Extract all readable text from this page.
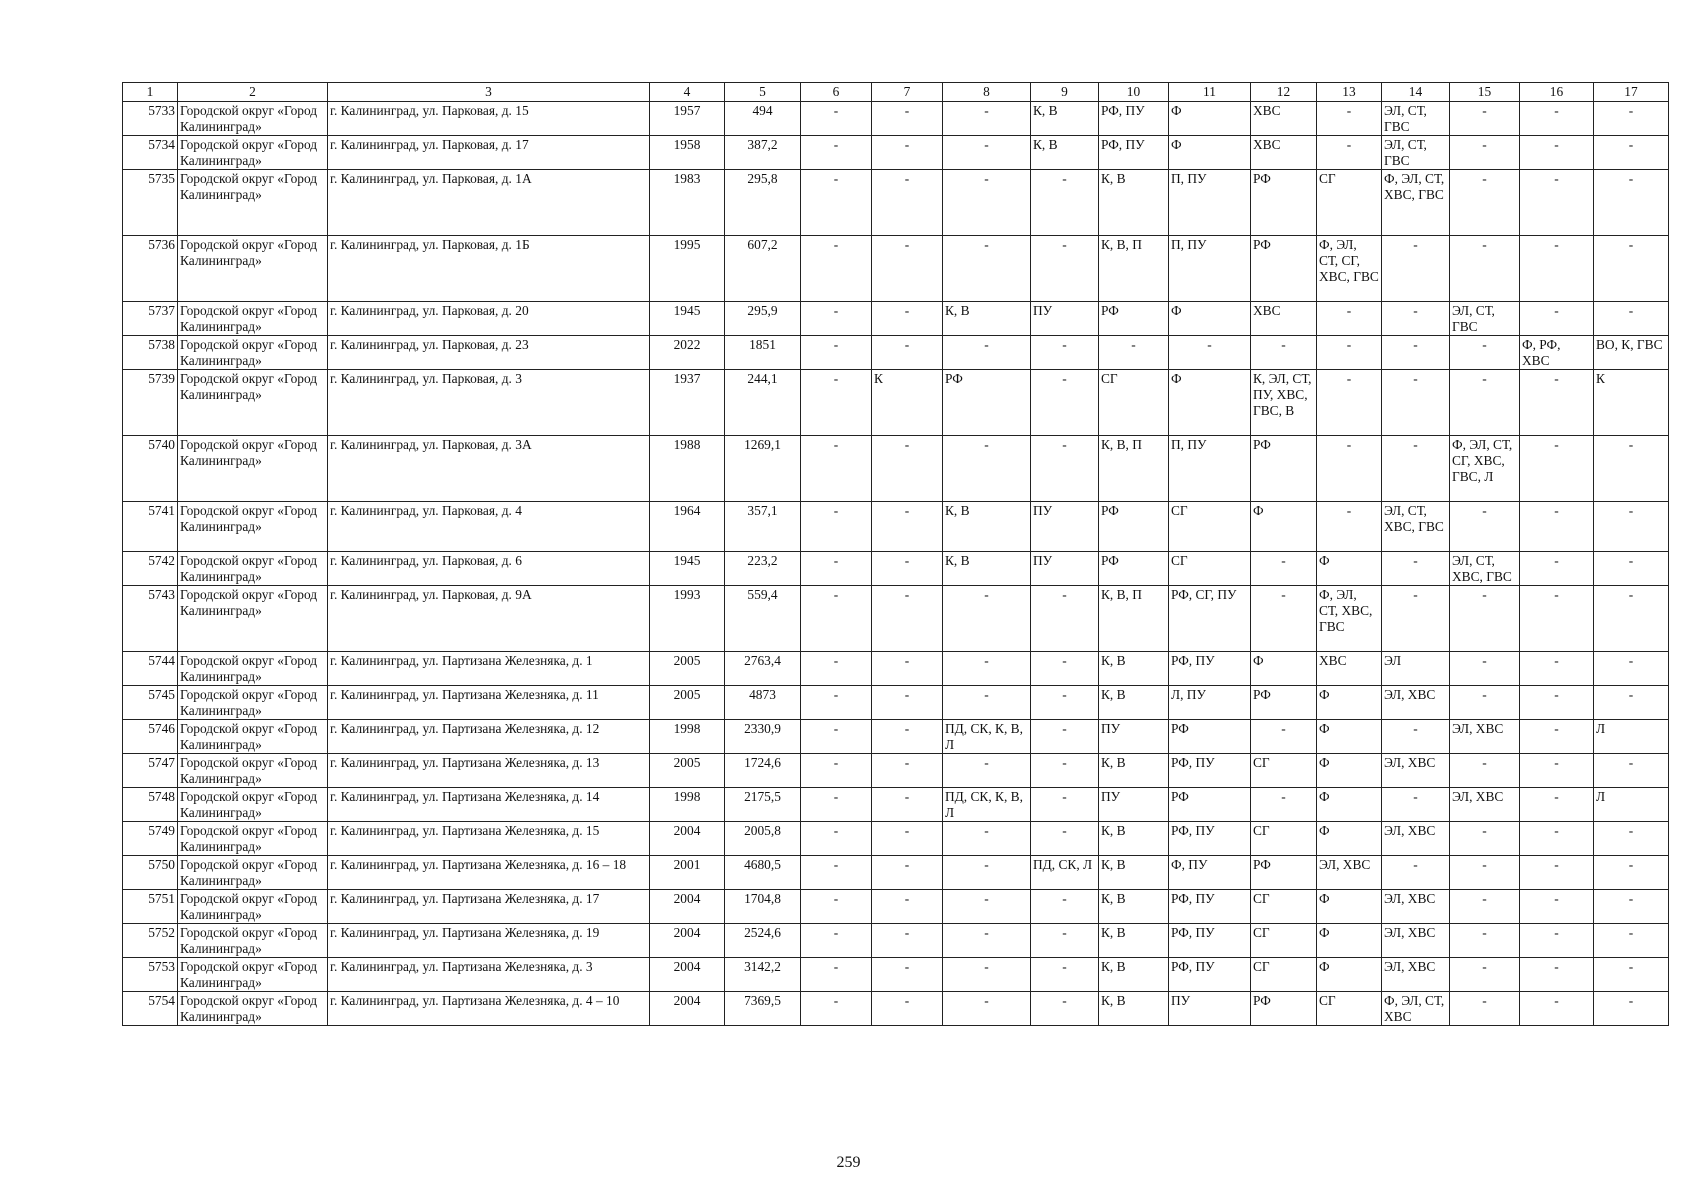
1	2	3	4	5	6	7	8	9	10	11	12	13	14	15	16	17
5733	Городской округ «Город Калининград»	г. Калининград, ул. Парковая, д. 15	1957	494	-	-	-	К, В	РФ, ПУ	Ф	ХВС	-	ЭЛ, СТ, ГВС	-	-	-
5734	Городской округ «Город Калининград»	г. Калининград, ул. Парковая, д. 17	1958	387,2	-	-	-	К, В	РФ, ПУ	Ф	ХВС	-	ЭЛ, СТ, ГВС	-	-	-
5735	Городской округ «Город Калининград»	г. Калининград, ул. Парковая, д. 1А	1983	295,8	-	-	-	-	К, В	П, ПУ	РФ	СГ	Ф, ЭЛ, СТ, ХВС, ГВС	-	-	-
5736	Городской округ «Город Калининград»	г. Калининград, ул. Парковая, д. 1Б	1995	607,2	-	-	-	-	К, В, П	П, ПУ	РФ	Ф, ЭЛ, СТ, СГ, ХВС, ГВС	-	-	-	-
5737	Городской округ «Город Калининград»	г. Калининград, ул. Парковая, д. 20	1945	295,9	-	-	К, В	ПУ	РФ	Ф	ХВС	-	-	ЭЛ, СТ, ГВС	-	-
5738	Городской округ «Город Калининград»	г. Калининград, ул. Парковая, д. 23	2022	1851	-	-	-	-	-	-	-	-	-	-	Ф, РФ, ХВС	ВО, К, ГВС
5739	Городской округ «Город Калининград»	г. Калининград, ул. Парковая, д. 3	1937	244,1	-	К	РФ	-	СГ	Ф	К, ЭЛ, СТ, ПУ, ХВС, ГВС, В	-	-	-	-	К
5740	Городской округ «Город Калининград»	г. Калининград, ул. Парковая, д. 3А	1988	1269,1	-	-	-	-	К, В, П	П, ПУ	РФ	-	-	Ф, ЭЛ, СТ, СГ, ХВС, ГВС, Л	-	-
5741	Городской округ «Город Калининград»	г. Калининград, ул. Парковая, д. 4	1964	357,1	-	-	К, В	ПУ	РФ	СГ	Ф	-	ЭЛ, СТ, ХВС, ГВС	-	-	-
5742	Городской округ «Город Калининград»	г. Калининград, ул. Парковая, д. 6	1945	223,2	-	-	К, В	ПУ	РФ	СГ	-	Ф	-	ЭЛ, СТ, ХВС, ГВС	-	-
5743	Городской округ «Город Калининград»	г. Калининград, ул. Парковая, д. 9А	1993	559,4	-	-	-	-	К, В, П	РФ, СГ, ПУ	-	Ф, ЭЛ, СТ, ХВС, ГВС	-	-	-	-
5744	Городской округ «Город Калининград»	г. Калининград, ул. Партизана Железняка, д. 1	2005	2763,4	-	-	-	-	К, В	РФ, ПУ	Ф	ХВС	ЭЛ	-	-	-
5745	Городской округ «Город Калининград»	г. Калининград, ул. Партизана Железняка, д. 11	2005	4873	-	-	-	-	К, В	Л, ПУ	РФ	Ф	ЭЛ, ХВС	-	-	-
5746	Городской округ «Город Калининград»	г. Калининград, ул. Партизана Железняка, д. 12	1998	2330,9	-	-	ПД, СК, К, В, Л	-	ПУ	РФ	-	Ф	-	ЭЛ, ХВС	-	Л
5747	Городской округ «Город Калининград»	г. Калининград, ул. Партизана Железняка, д. 13	2005	1724,6	-	-	-	-	К, В	РФ, ПУ	СГ	Ф	ЭЛ, ХВС	-	-	-
5748	Городской округ «Город Калининград»	г. Калининград, ул. Партизана Железняка, д. 14	1998	2175,5	-	-	ПД, СК, К, В, Л	-	ПУ	РФ	-	Ф	-	ЭЛ, ХВС	-	Л
5749	Городской округ «Город Калининград»	г. Калининград, ул. Партизана Железняка, д. 15	2004	2005,8	-	-	-	-	К, В	РФ, ПУ	СГ	Ф	ЭЛ, ХВС	-	-	-
5750	Городской округ «Город Калининград»	г. Калининград, ул. Партизана Железняка, д. 16 – 18	2001	4680,5	-	-	-	ПД, СК, Л	К, В	Ф, ПУ	РФ	ЭЛ, ХВС	-	-	-	-
5751	Городской округ «Город Калининград»	г. Калининград, ул. Партизана Железняка, д. 17	2004	1704,8	-	-	-	-	К, В	РФ, ПУ	СГ	Ф	ЭЛ, ХВС	-	-	-
5752	Городской округ «Город Калининград»	г. Калининград, ул. Партизана Железняка, д. 19	2004	2524,6	-	-	-	-	К, В	РФ, ПУ	СГ	Ф	ЭЛ, ХВС	-	-	-
5753	Городской округ «Город Калининград»	г. Калининград, ул. Партизана Железняка, д. 3	2004	3142,2	-	-	-	-	К, В	РФ, ПУ	СГ	Ф	ЭЛ, ХВС	-	-	-
5754	Городской округ «Город Калининград»	г. Калининград, ул. Партизана Железняка, д. 4 – 10	2004	7369,5	-	-	-	-	К, В	ПУ	РФ	СГ	Ф, ЭЛ, СТ, ХВС	-	-	-
259
